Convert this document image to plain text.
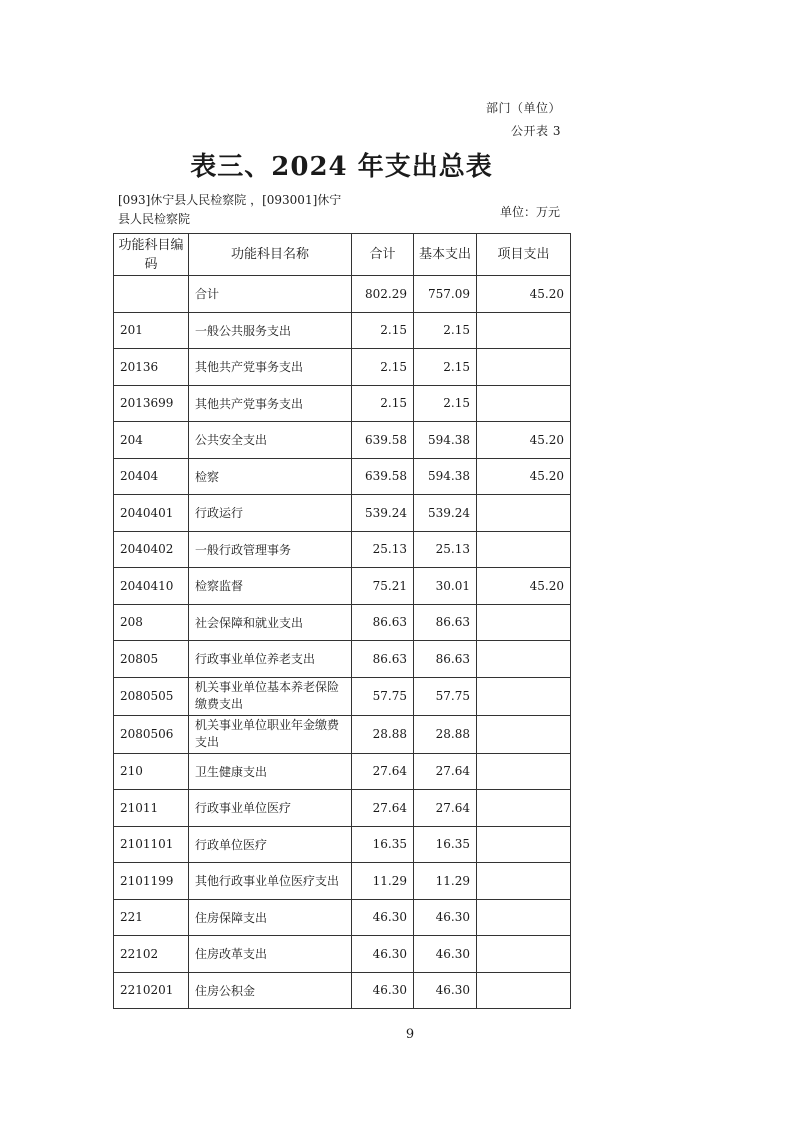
部门（单位）
公开表 3
表三、2024 年支出总表
[093]休宁县人民检察院 ，[093001]休宁县人民检察院	单位：万元
功能科目编码	功能科目名称	合计	基本支出	项目支出
	合计	802.29	757.09	45.20
201	一般公共服务支出	2.15	2.15	
20136	其他共产党事务支出	2.15	2.15	
2013699	其他共产党事务支出	2.15	2.15	
204	公共安全支出	639.58	594.38	45.20
20404	检察	639.58	594.38	45.20
2040401	行政运行	539.24	539.24	
2040402	一般行政管理事务	25.13	25.13	
2040410	检察监督	75.21	30.01	45.20
208	社会保障和就业支出	86.63	86.63	
20805	行政事业单位养老支出	86.63	86.63	
2080505	机关事业单位基本养老保险缴费支出	57.75	57.75	
2080506	机关事业单位职业年金缴费支出	28.88	28.88	
210	卫生健康支出	27.64	27.64	
21011	行政事业单位医疗	27.64	27.64	
2101101	行政单位医疗	16.35	16.35	
2101199	其他行政事业单位医疗支出	11.29	11.29	
221	住房保障支出	46.30	46.30	
22102	住房改革支出	46.30	46.30	
2210201	住房公积金	46.30	46.30	
9
